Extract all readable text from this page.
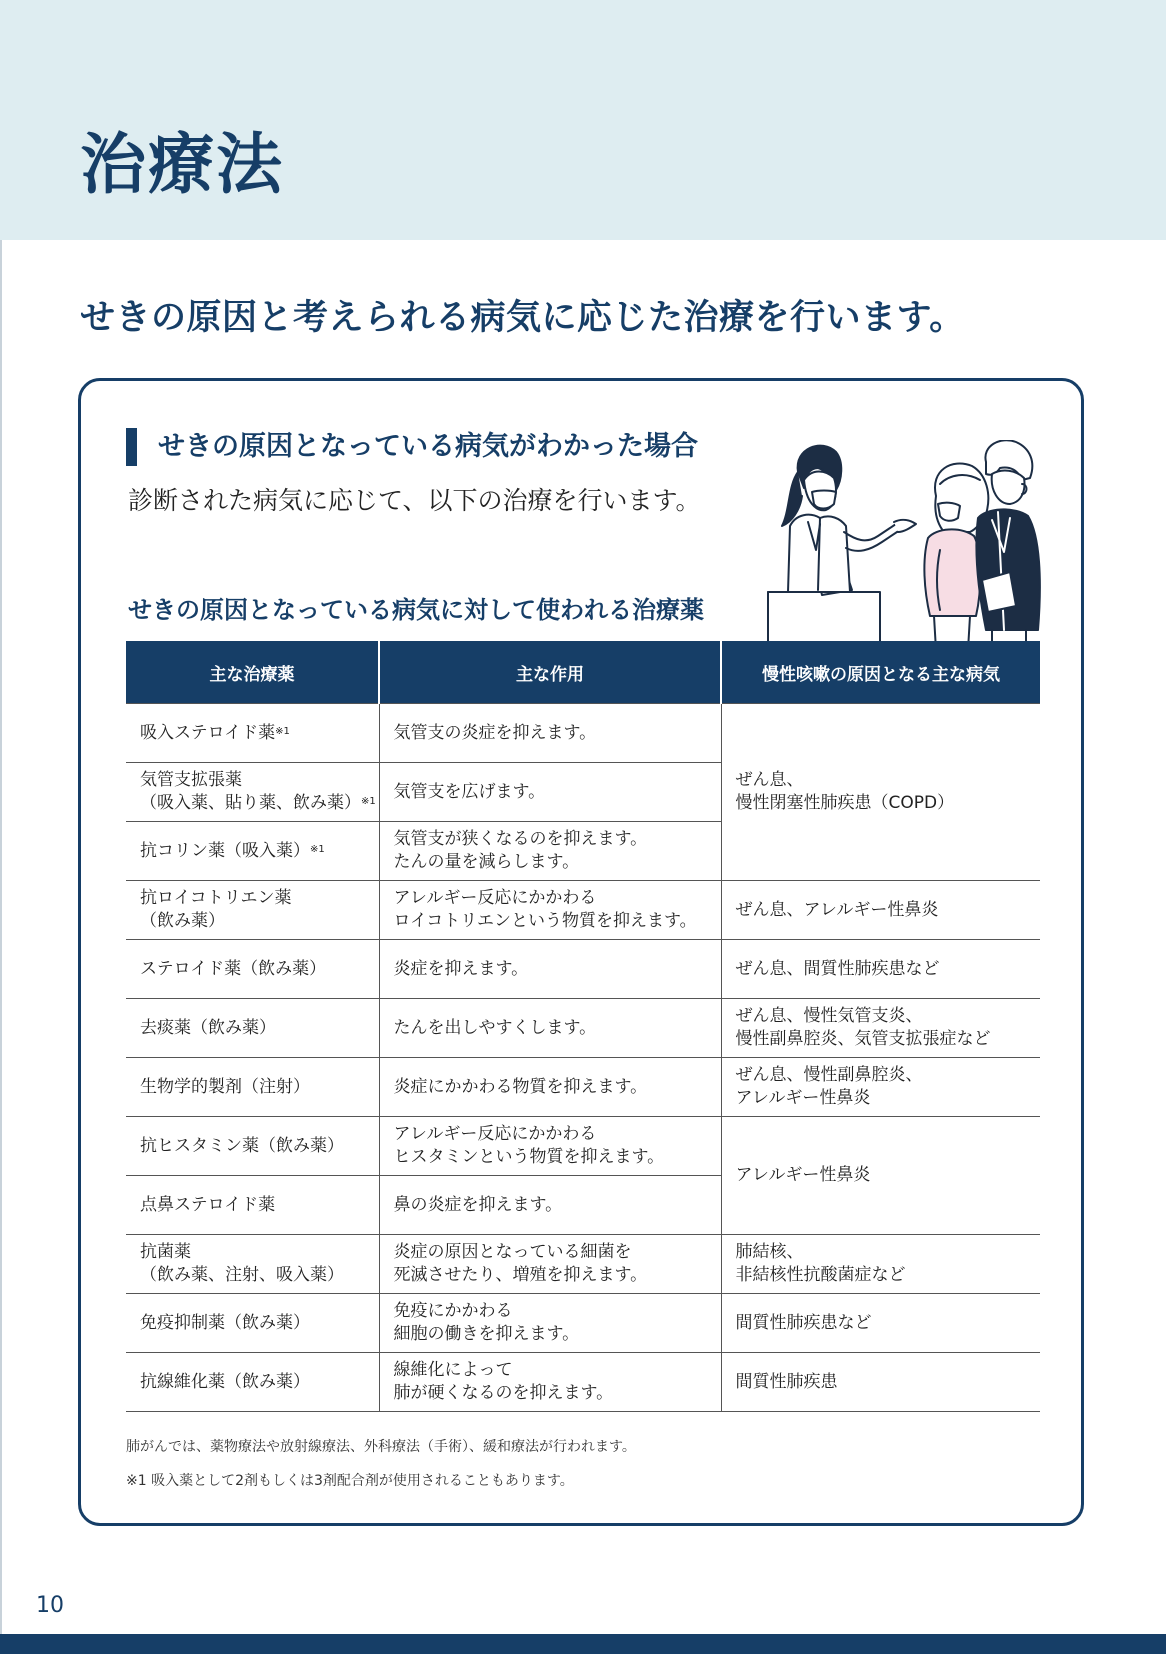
治療法
せきの原因と考えられる病気に応じた治療を行います。
せきの原因となっている病気がわかった場合
診断された病気に応じて、以下の治療を行います。
せきの原因となっている病気に対して使われる治療薬
主な治療薬	主な作用	慢性咳嗽の原因となる主な病気
吸入ステロイド薬$^{※1}$	気管支の炎症を抑えます。	ぜん息、
慢性閉塞性肺疾患（COPD）

気管支拡張薬
（吸入薬、貼り薬、飲み薬）$^{※1}$	気管支を広げます。	

抗コリン薬（吸入薬）$^{※1}$	気管支が狭くなるのを抑えます。
たんの量を減らします。	

抗ロイコトリエン薬
（飲み薬）	アレルギー反応にかかわる
ロイコトリエンという物質を抑えます。	ぜん息、アレルギー性鼻炎

ステロイド薬（飲み薬）	炎症を抑えます。	ぜん息、間質性肺疾患など

去痰薬（飲み薬）	たんを出しやすくします。	ぜん息、慢性気管支炎、
慢性副鼻腔炎、気管支拡張症など

生物学的製剤（注射）	炎症にかかわる物質を抑えます。	ぜん息、慢性副鼻腔炎、
アレルギー性鼻炎

抗ヒスタミン薬（飲み薬）	アレルギー反応にかかわる
ヒスタミンという物質を抑えます。	アレルギー性鼻炎

点鼻ステロイド薬	鼻の炎症を抑えます。	

抗菌薬
（飲み薬、注射、吸入薬）	炎症の原因となっている細菌を
死滅させたり、増殖を抑えます。	肺結核、
非結核性抗酸菌症など

免疫抑制薬（飲み薬）	免疫にかかわる
細胞の働きを抑えます。	間質性肺疾患など

抗線維化薬（飲み薬）	線維化によって
肺が硬くなるのを抑えます。	間質性肺疾患
肺がんでは、薬物療法や放射線療法、外科療法（手術）、緩和療法が行われます。
※1 吸入薬として2剤もしくは3剤配合剤が使用されることもあります。
10
